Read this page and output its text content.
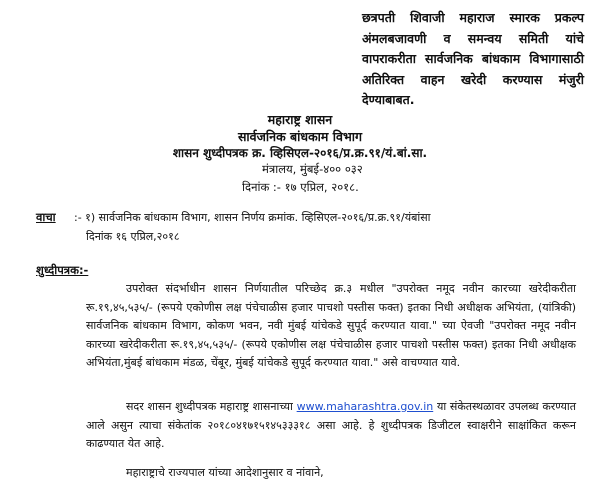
छत्रपती शिवाजी महाराज स्मारक प्रकल्प अंमलबजावणी व समन्वय समिती यांचे वापराकरीता सार्वजनिक बांधकाम विभागासाठी अतिरिक्त वाहन खरेदी करण्यास मंजुरी देण्याबाबत.
महाराष्ट्र शासन
सार्वजनिक बांधकाम विभाग
शासन शुध्दीपत्रक क्र. व्हिसिएल-२०१६/प्र.क्र.९१/यं.बां.सा.
मंत्रालय, मुंबई-४०० ०३२
दिनांक :- १७ एप्रिल, २०१८.
वाचा :- १) सार्वजनिक बांधकाम विभाग, शासन निर्णय क्रमांक. व्हिसिएल-२०१६/प्र.क्र.९१/यंबांसा
दिनांक १६ एप्रिल,२०१८
शुध्दीपत्रक:-
उपरोक्त संदर्भाधीन शासन निर्णयातील परिच्छेद क्र.३ मधील "उपरोक्त नमूद नवीन कारच्या खरेदीकरीता रू.१९,४५,५३५/- (रूपये एकोणीस लक्ष पंचेचाळीस हजार पाचशो पस्तीस फक्त) इतका निधी अधीक्षक अभियंता, (यांत्रिकी) सार्वजनिक बांधकाम विभाग, कोकण भवन, नवी मुंबई यांचेकडे सुपूर्द करण्यात यावा." च्या ऐवजी "उपरोक्त नमूद नवीन कारच्या खरेदीकरीता रू.१९,४५,५३५/- (रूपये एकोणीस लक्ष पंचेचाळीस हजार पाचशो पस्तीस फक्त) इतका निधी अधीक्षक अभियंता,मुंबई बांधकाम मंडळ, चेंबूर, मुंबई यांचेकडे सुपूर्द करण्यात यावा." असे वाचण्यात यावे.
सदर शासन शुध्दीपत्रक महाराष्ट्र शासनाच्या www.maharashtra.gov.in या संकेतस्थळावर उपलब्ध करण्यात आले असुन त्याचा संकेतांक २०१८०४१७१५१४५३३३१८ असा आहे. हे शुध्दीपत्रक डिजीटल स्वाक्षरीने साक्षांकित करून काढण्यात येत आहे.
महाराष्ट्राचे राज्यपाल यांच्या आदेशानुसार व नांवाने,
